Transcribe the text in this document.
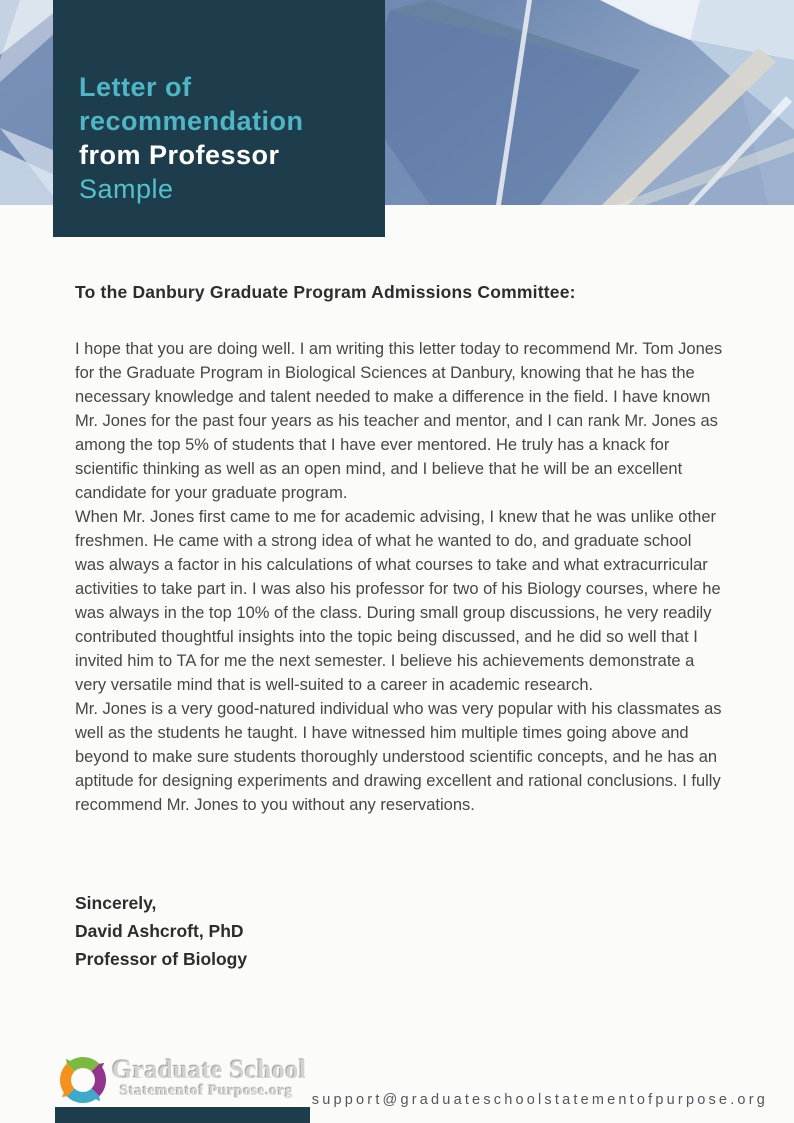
Letter of
recommendation
from Professor
Sample
To the Danbury Graduate Program Admissions Committee:

I hope that you are doing well. I am writing this letter today to recommend Mr. Tom Jones for the Graduate Program in Biological Sciences at Danbury, knowing that he has the necessary knowledge and talent needed to make a difference in the field. I have known Mr. Jones for the past four years as his teacher and mentor, and I can rank Mr. Jones as among the top 5% of students that I have ever mentored. He truly has a knack for scientific thinking as well as an open mind, and I believe that he will be an excellent candidate for your graduate program.

When Mr. Jones first came to me for academic advising, I knew that he was unlike other freshmen. He came with a strong idea of what he wanted to do, and graduate school was always a factor in his calculations of what courses to take and what extracurricular activities to take part in. I was also his professor for two of his Biology courses, where he was always in the top 10% of the class. During small group discussions, he very readily contributed thoughtful insights into the topic being discussed, and he did so well that I invited him to TA for me the next semester. I believe his achievements demonstrate a very versatile mind that is well-suited to a career in academic research.

Mr. Jones is a very good-natured individual who was very popular with his classmates as well as the students he taught. I have witnessed him multiple times going above and beyond to make sure students thoroughly understood scientific concepts, and he has an aptitude for designing experiments and drawing excellent and rational conclusions. I fully recommend Mr. Jones to you without any reservations.

Sincerely,
David Ashcroft, PhD
Professor of Biology
Graduate School
Statementof Purpose.org
support@graduateschoolstatementofpurpose.org
